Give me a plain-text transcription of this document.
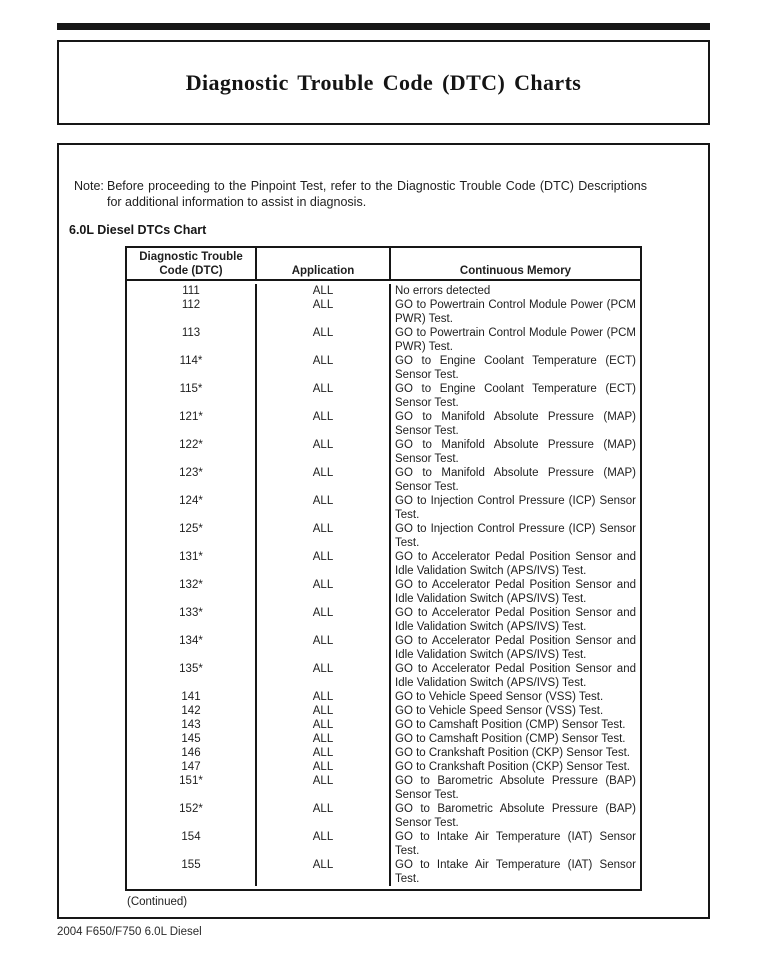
Diagnostic Trouble Code (DTC) Charts
Note: Before proceeding to the Pinpoint Test, refer to the Diagnostic Trouble Code (DTC) Descriptions for additional information to assist in diagnosis.
6.0L Diesel DTCs Chart
Diagnostic Trouble Code (DTC)	Application	Continuous Memory
111	ALL	No errors detected
112	ALL	GO to Powertrain Control Module Power (PCM PWR) Test.
113	ALL	GO to Powertrain Control Module Power (PCM PWR) Test.
114*	ALL	GO to Engine Coolant Temperature (ECT) Sensor Test.
115*	ALL	GO to Engine Coolant Temperature (ECT) Sensor Test.
121*	ALL	GO to Manifold Absolute Pressure (MAP) Sensor Test.
122*	ALL	GO to Manifold Absolute Pressure (MAP) Sensor Test.
123*	ALL	GO to Manifold Absolute Pressure (MAP) Sensor Test.
124*	ALL	GO to Injection Control Pressure (ICP) Sensor Test.
125*	ALL	GO to Injection Control Pressure (ICP) Sensor Test.
131*	ALL	GO to Accelerator Pedal Position Sensor and Idle Validation Switch (APS/IVS) Test.
132*	ALL	GO to Accelerator Pedal Position Sensor and Idle Validation Switch (APS/IVS) Test.
133*	ALL	GO to Accelerator Pedal Position Sensor and Idle Validation Switch (APS/IVS) Test.
134*	ALL	GO to Accelerator Pedal Position Sensor and Idle Validation Switch (APS/IVS) Test.
135*	ALL	GO to Accelerator Pedal Position Sensor and Idle Validation Switch (APS/IVS) Test.
141	ALL	GO to Vehicle Speed Sensor (VSS) Test.
142	ALL	GO to Vehicle Speed Sensor (VSS) Test.
143	ALL	GO to Camshaft Position (CMP) Sensor Test.
145	ALL	GO to Camshaft Position (CMP) Sensor Test.
146	ALL	GO to Crankshaft Position (CKP) Sensor Test.
147	ALL	GO to Crankshaft Position (CKP) Sensor Test.
151*	ALL	GO to Barometric Absolute Pressure (BAP) Sensor Test.
152*	ALL	GO to Barometric Absolute Pressure (BAP) Sensor Test.
154	ALL	GO to Intake Air Temperature (IAT) Sensor Test.
155	ALL	GO to Intake Air Temperature (IAT) Sensor Test.
(Continued)
2004 F650/F750 6.0L Diesel
